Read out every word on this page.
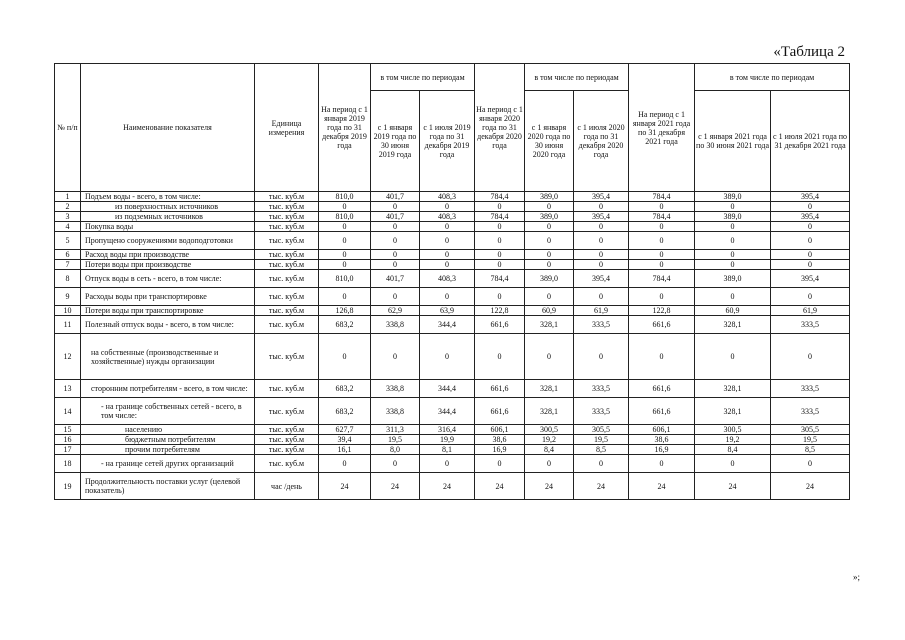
«Таблица 2
№ п/п	Наименование показателя	Единица измерения	На период с 1 января 2019 года по 31 декабря 2019 года	в том числе по периодам		На период с 1 января 2020 года по 31 декабря 2020 года	в том числе по периодам		На период с 1 января 2021 года по 31 декабря 2021 года	в том числе по периодам	
				с 1 января 2019 года по 30 июня 2019 года	с 1 июля 2019 года по 31 декабря 2019 года		с 1 января 2020 года по 30 июня 2020 года	с 1 июля 2020 года по 31 декабря 2020 года		с 1 января 2021 года по 30 июня 2021 года	с 1 июля 2021 года по 31 декабря 2021 года
1	Подъем воды - всего, в том числе:	тыс. куб.м	810,0	401,7	408,3	784,4	389,0	395,4	784,4	389,0	395,4
2	из поверхностных источников	тыс. куб.м	0	0	0	0	0	0	0	0	0
3	из подземных источников	тыс. куб.м	810,0	401,7	408,3	784,4	389,0	395,4	784,4	389,0	395,4
4	Покупка воды	тыс. куб.м	0	0	0	0	0	0	0	0	0
5	Пропущено сооружениями водоподготовки	тыс. куб.м	0	0	0	0	0	0	0	0	0
6	Расход воды при производстве	тыс. куб.м	0	0	0	0	0	0	0	0	0
7	Потери воды при производстве	тыс. куб.м	0	0	0	0	0	0	0	0	0
8	Отпуск воды в сеть - всего, в том числе:	тыс. куб.м	810,0	401,7	408,3	784,4	389,0	395,4	784,4	389,0	395,4
9	Расходы воды при транспортировке	тыс. куб.м	0	0	0	0	0	0	0	0	0
10	Потери воды при транспортировке	тыс. куб.м	126,8	62,9	63,9	122,8	60,9	61,9	122,8	60,9	61,9
11	Полезный отпуск воды - всего, в том числе:	тыс. куб.м	683,2	338,8	344,4	661,6	328,1	333,5	661,6	328,1	333,5
12	на собственные (производственные и хозяйственные) нужды организации	тыс. куб.м	0	0	0	0	0	0	0	0	0
13	сторонним потребителям - всего, в том числе:	тыс. куб.м	683,2	338,8	344,4	661,6	328,1	333,5	661,6	328,1	333,5
14	- на границе собственных сетей - всего, в том числе:	тыс. куб.м	683,2	338,8	344,4	661,6	328,1	333,5	661,6	328,1	333,5
15	населению	тыс. куб.м	627,7	311,3	316,4	606,1	300,5	305,5	606,1	300,5	305,5
16	бюджетным потребителям	тыс. куб.м	39,4	19,5	19,9	38,6	19,2	19,5	38,6	19,2	19,5
17	прочим потребителям	тыс. куб.м	16,1	8,0	8,1	16,9	8,4	8,5	16,9	8,4	8,5
18	- на границе сетей других организаций	тыс. куб.м	0	0	0	0	0	0	0	0	0
19	Продолжительность поставки услуг (целевой показатель)	час /день	24	24	24	24	24	24	24	24	24
»;
